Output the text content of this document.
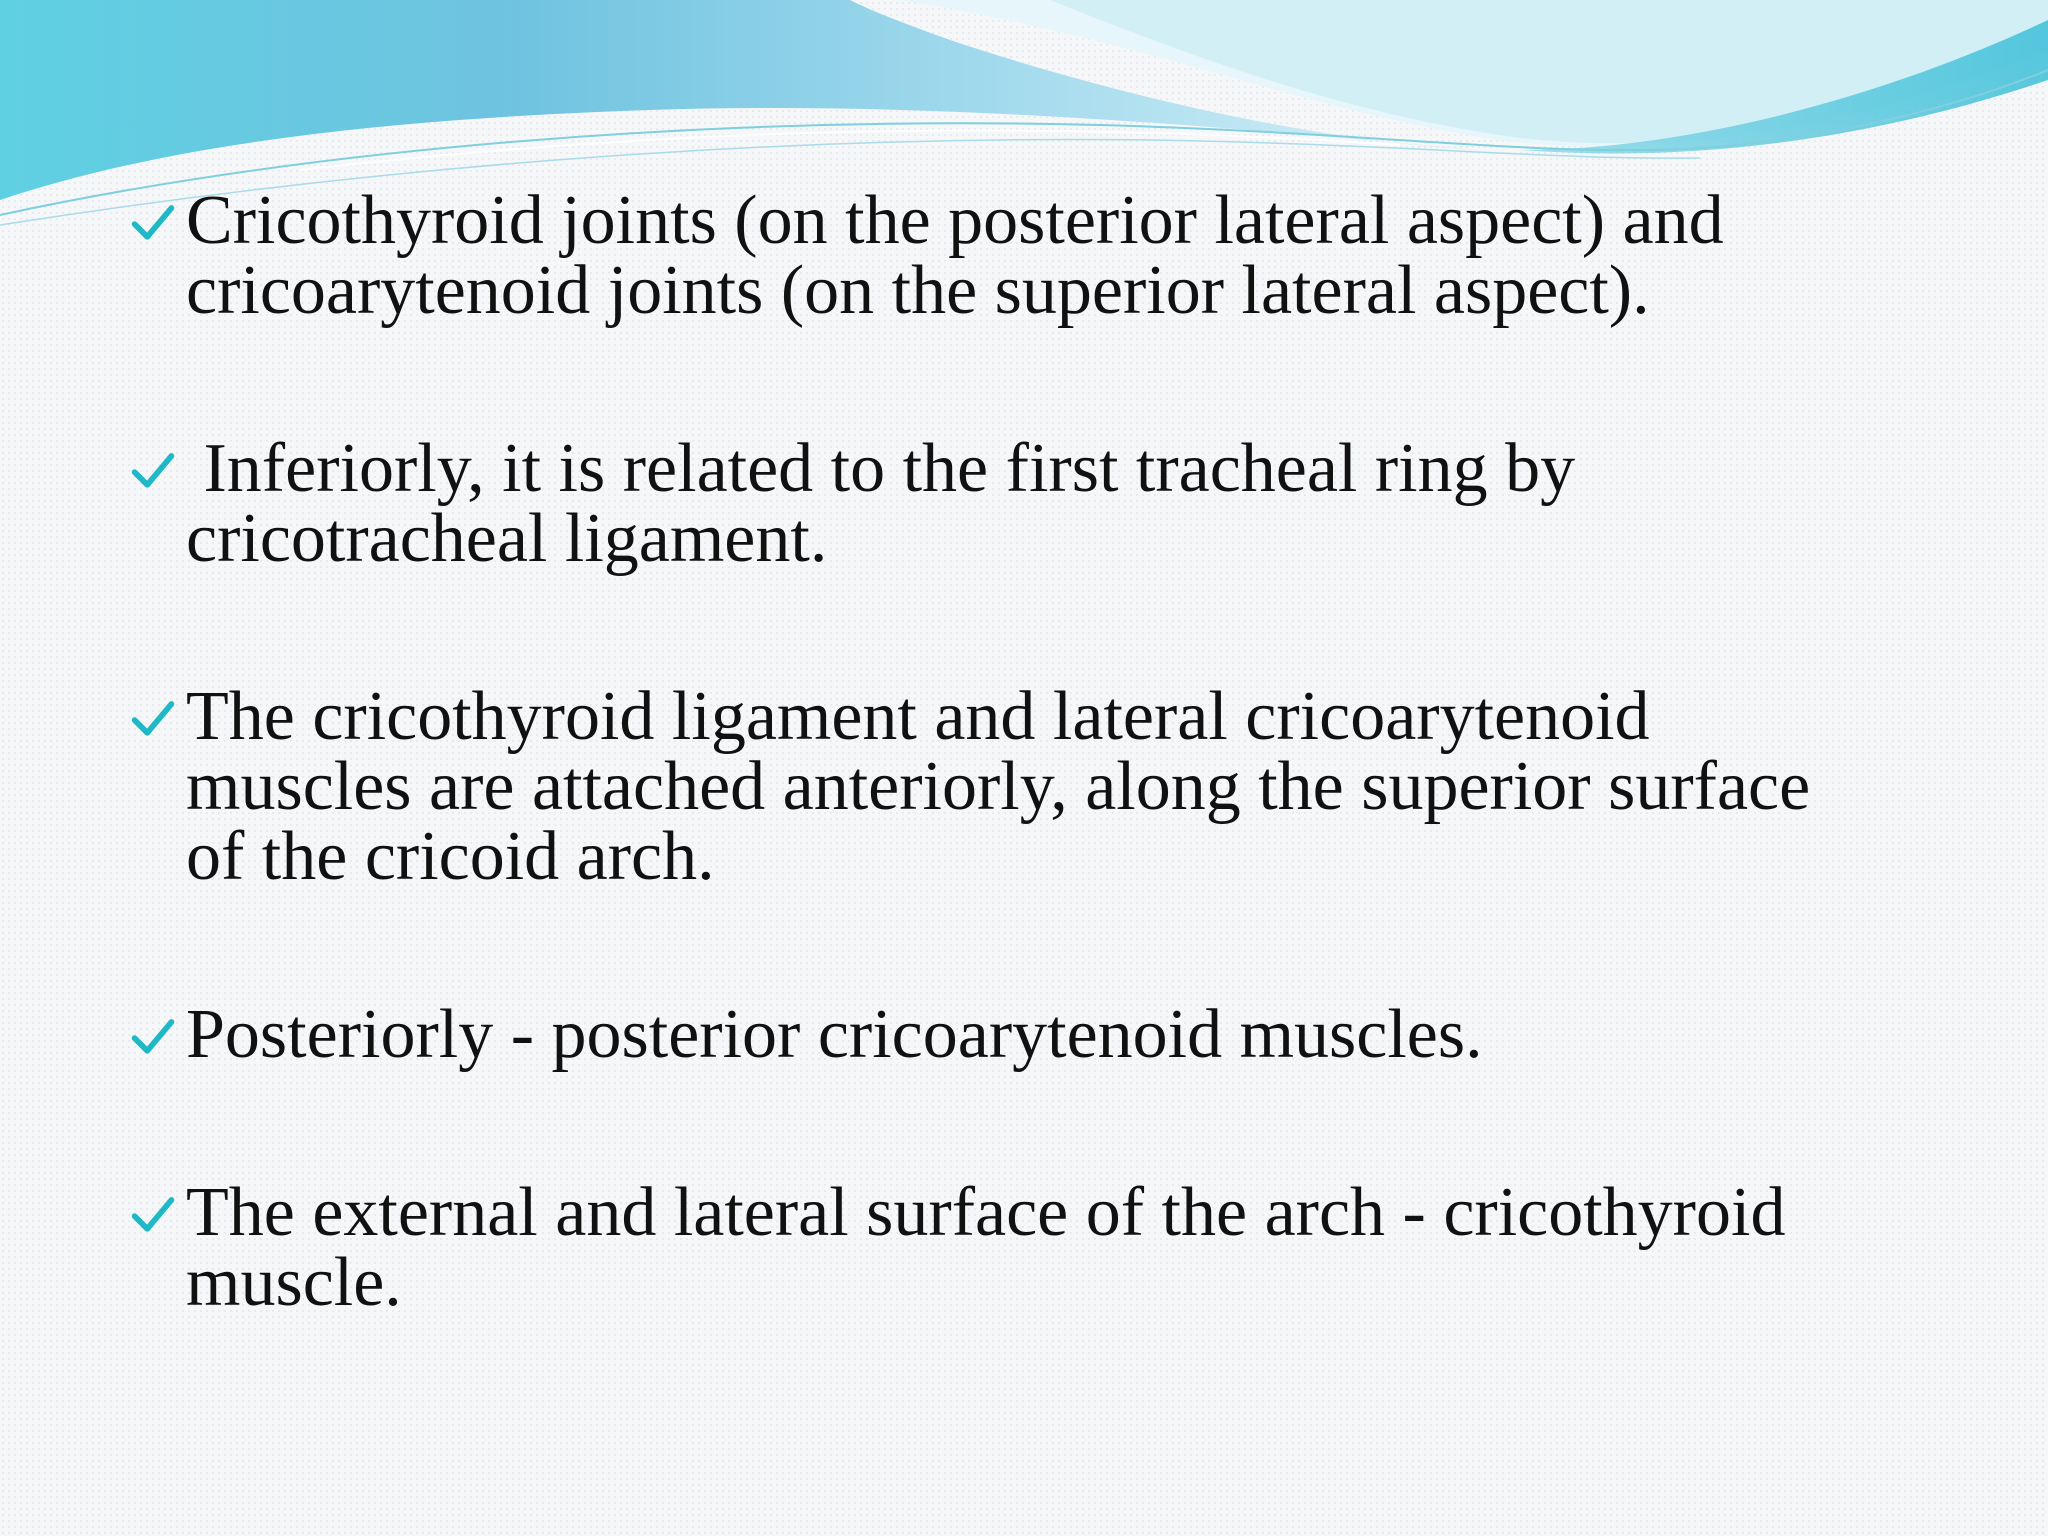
Cricothyroid joints (on the posterior lateral aspect) and
cricoarytenoid joints (on the superior lateral aspect).
Inferiorly, it is related to the first tracheal ring by
cricotracheal ligament.
The cricothyroid ligament and lateral cricoarytenoid
muscles are attached anteriorly, along the superior surface
of the cricoid arch.
Posteriorly - posterior cricoarytenoid muscles.
The external and lateral surface of the arch - cricothyroid
muscle.
